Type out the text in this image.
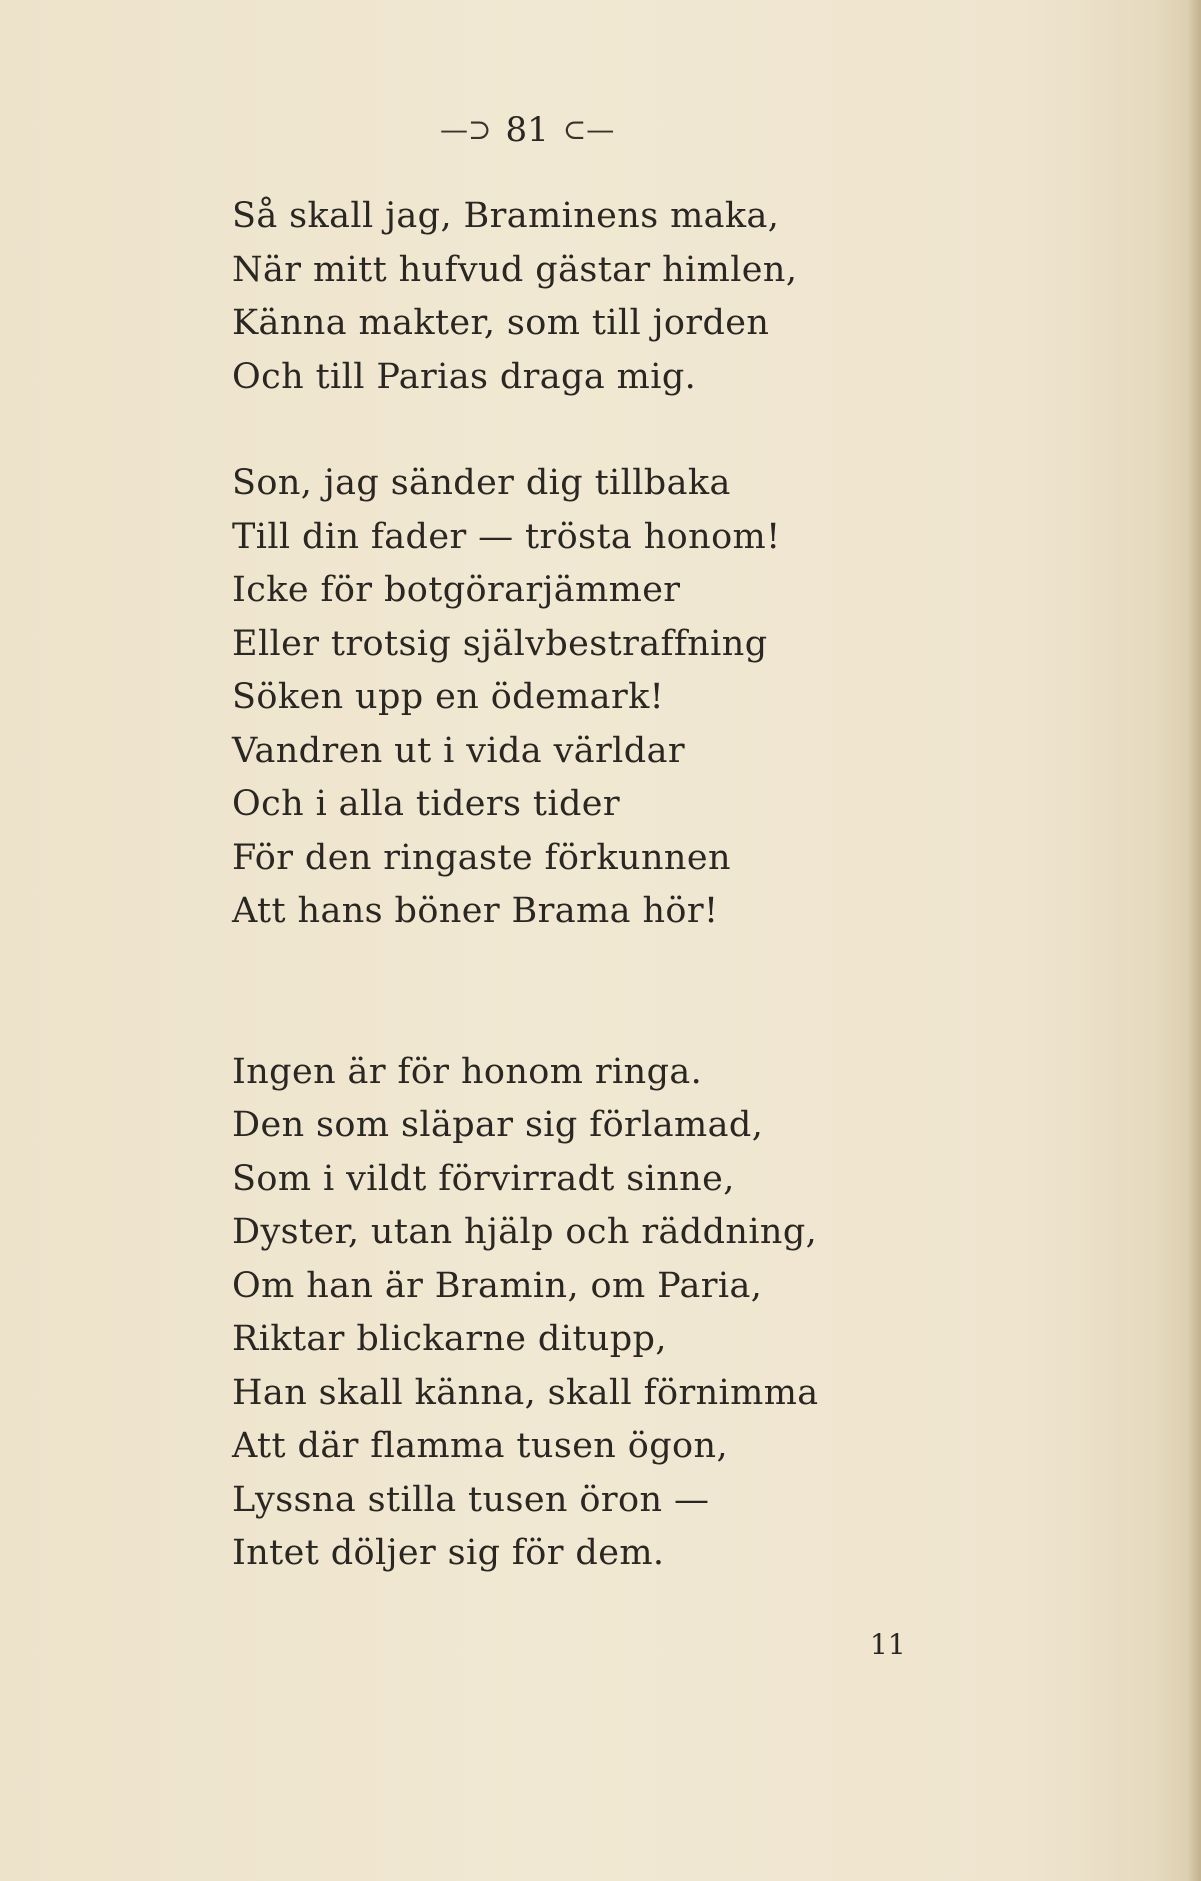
—⊃ 81 ⊂—
Så skall jag, Braminens maka,
När mitt hufvud gästar himlen,
Känna makter, som till jorden
Och till Parias draga mig.
Son, jag sänder dig tillbaka
Till din fader — trösta honom!
Icke för botgörarjämmer
Eller trotsig självbestraffning
Söken upp en ödemark!
Vandren ut i vida världar
Och i alla tiders tider
För den ringaste förkunnen
Att hans böner Brama hör!
Ingen är för honom ringa.
Den som släpar sig förlamad,
Som i vildt förvirradt sinne,
Dyster, utan hjälp och räddning,
Om han är Bramin, om Paria,
Riktar blickarne ditupp,
Han skall känna, skall förnimma
Att där flamma tusen ögon,
Lyssna stilla tusen öron —
Intet döljer sig för dem.
11
